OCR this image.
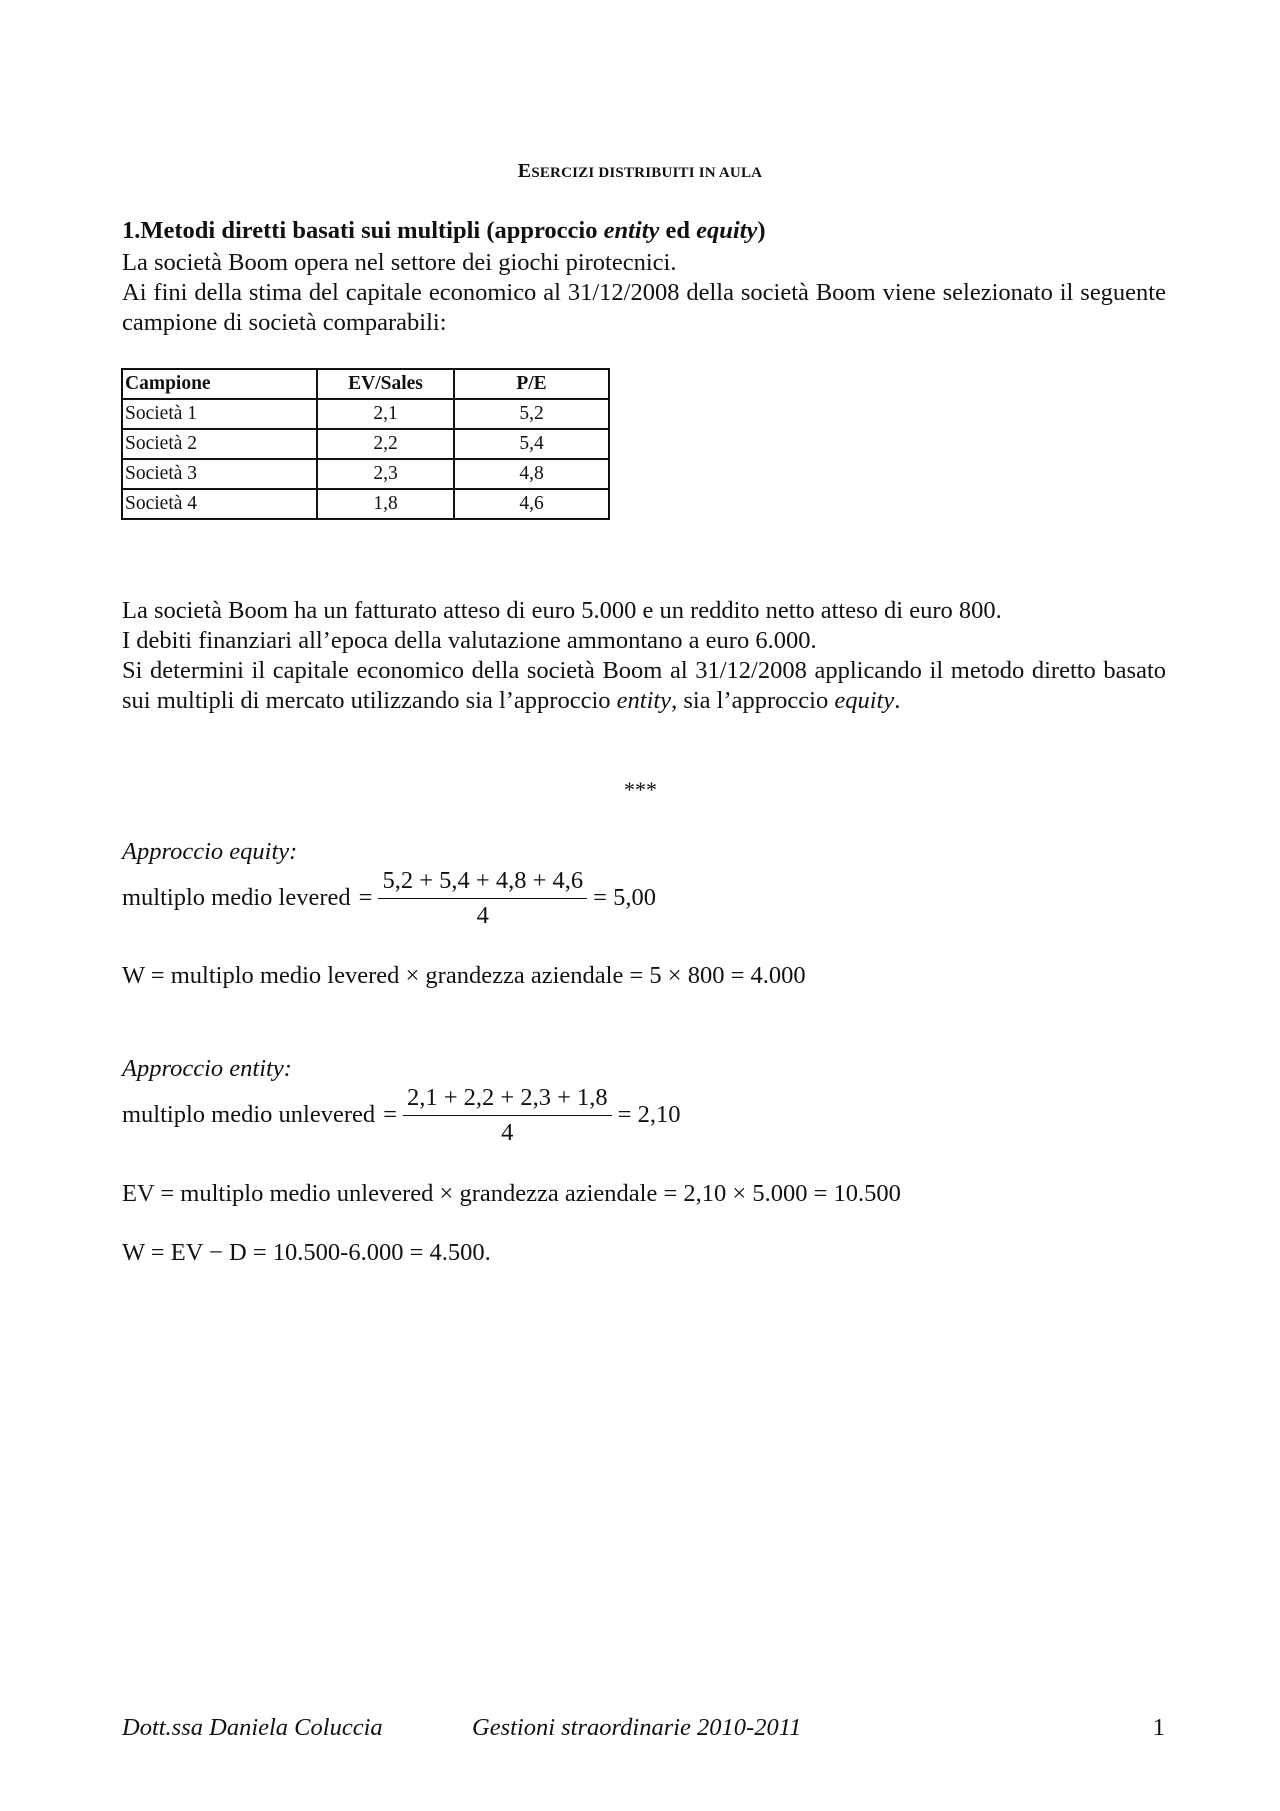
ESERCIZI DISTRIBUITI IN AULA
1.Metodi diretti basati sui multipli (approccio entity ed equity)
La società Boom opera nel settore dei giochi pirotecnici.
Ai fini della stima del capitale economico al 31/12/2008 della società Boom viene selezionato il seguente campione di società comparabili:
Campione	EV/Sales	P/E
Società 1	2,1	5,2
Società 2	2,2	5,4
Società 3	2,3	4,8
Società 4	1,8	4,6
La società Boom ha un fatturato atteso di euro 5.000 e un reddito netto atteso di euro 800.
I debiti finanziari all’epoca della valutazione ammontano a euro 6.000.
Si determini il capitale economico della società Boom al 31/12/2008 applicando il metodo diretto basato sui multipli di mercato utilizzando sia l’approccio entity, sia l’approccio equity.
***
Approccio equity:
multiplo medio levered = $\frac{5,2 + 5,4 + 4,8 + 4,6}{4} = 5,00$
W = multiplo medio levered × grandezza aziendale = 5 × 800 = 4.000
Approccio entity:
multiplo medio unlevered = $\frac{2,1 + 2,2 + 2,3 + 1,8}{4} = 2,10$
EV = multiplo medio unlevered × grandezza aziendale = 2,10 × 5.000 = 10.500
W = EV − D = 10.500-6.000 = 4.500.
Dott.ssa Daniela Coluccia	Gestioni straordinarie 2010-2011	1
